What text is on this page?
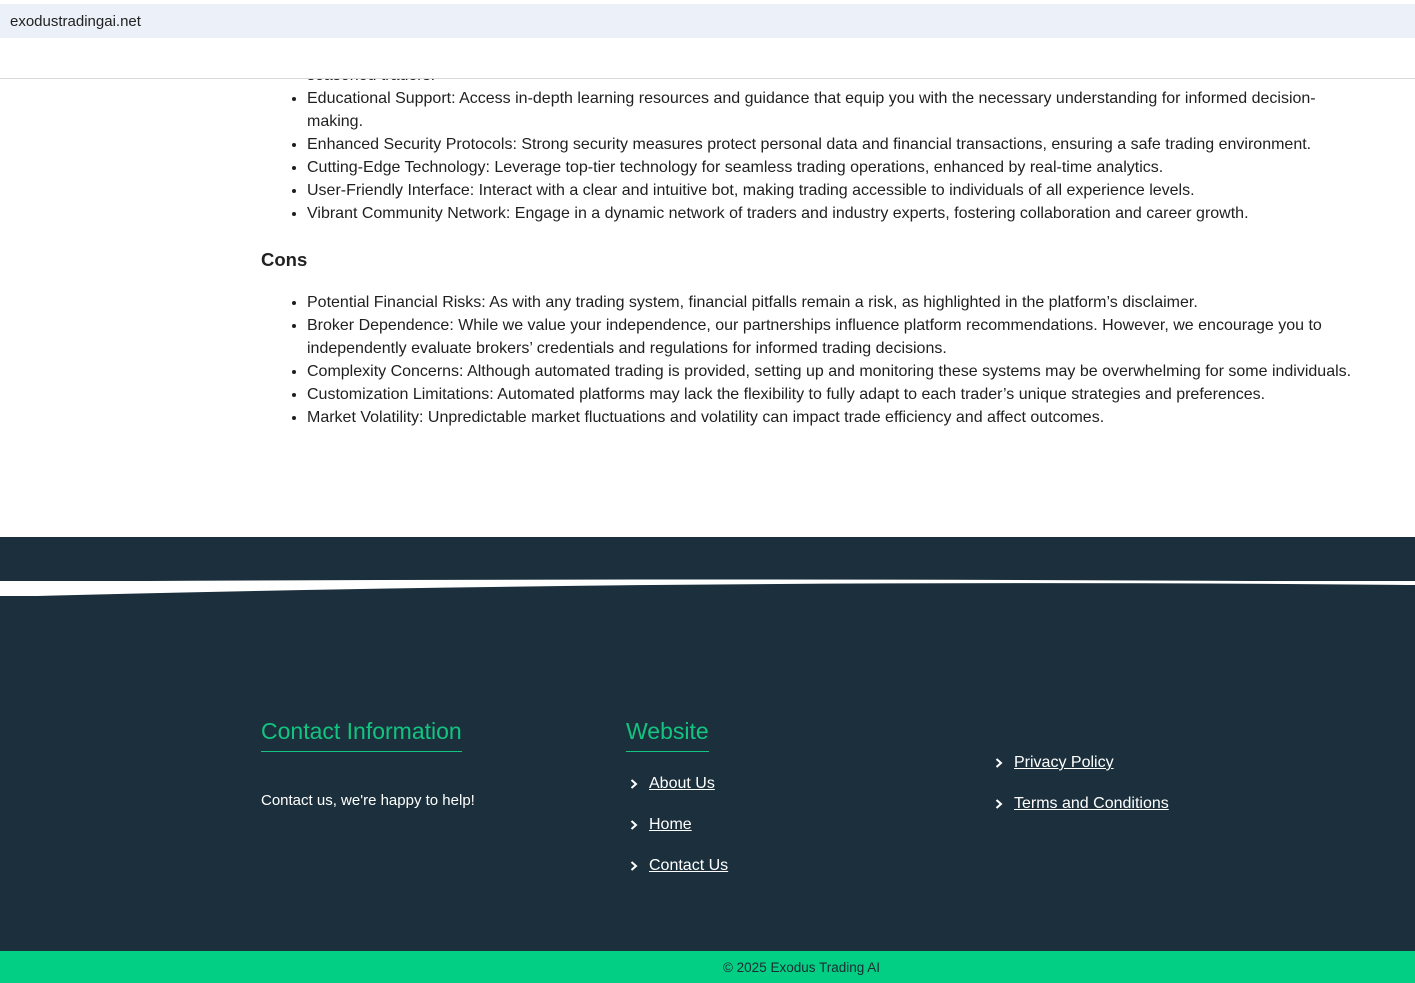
exodustradingai.net
• Educational Support: Access in-depth learning resources and guidance that equip you with the necessary understanding for informed decision-making.
• Enhanced Security Protocols: Strong security measures protect personal data and financial transactions, ensuring a safe trading environment.
• Cutting-Edge Technology: Leverage top-tier technology for seamless trading operations, enhanced by real-time analytics.
• User-Friendly Interface: Interact with a clear and intuitive bot, making trading accessible to individuals of all experience levels.
• Vibrant Community Network: Engage in a dynamic network of traders and industry experts, fostering collaboration and career growth.
Cons
• Potential Financial Risks: As with any trading system, financial pitfalls remain a risk, as highlighted in the platform’s disclaimer.
• Broker Dependence: While we value your independence, our partnerships influence platform recommendations. However, we encourage you to independently evaluate brokers’ credentials and regulations for informed trading decisions.
• Complexity Concerns: Although automated trading is provided, setting up and monitoring these systems may be overwhelming for some individuals.
• Customization Limitations: Automated platforms may lack the flexibility to fully adapt to each trader’s unique strategies and preferences.
• Market Volatility: Unpredictable market fluctuations and volatility can impact trade efficiency and affect outcomes.
Contact Information
Contact us, we're happy to help!
Website
About Us
Home
Contact Us
Privacy Policy
Terms and Conditions
© 2025 Exodus Trading AI
